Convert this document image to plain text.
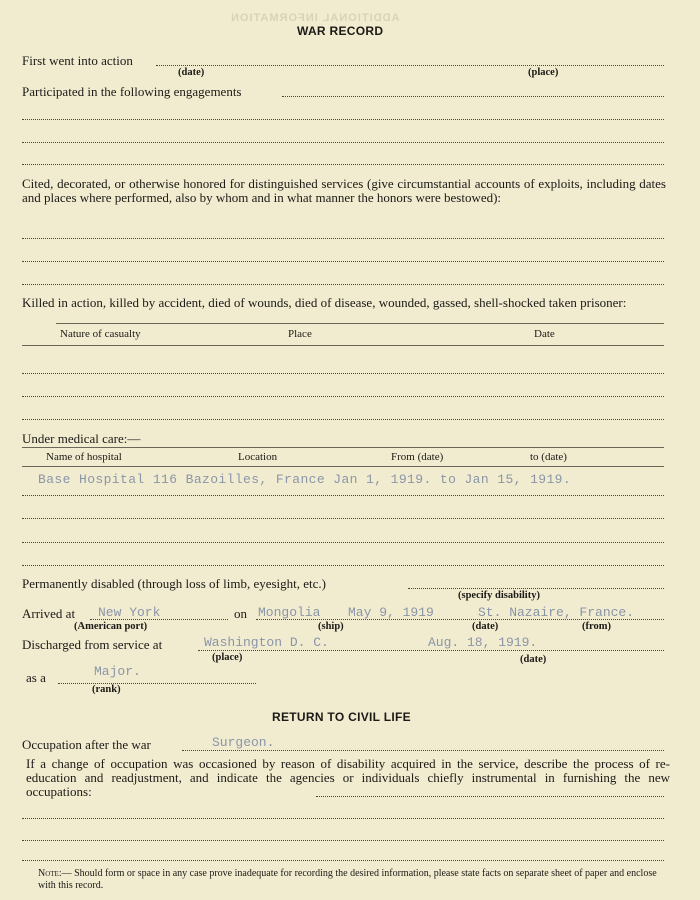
ADDITIONAL INFORMATION
WAR RECORD
First went into action
(date)	(place)
Participated in the following engagements
Cited, decorated, or otherwise honored for distinguished services (give circumstantial accounts of exploits, including dates and places where performed, also by whom and in what manner the honors were bestowed):
Killed in action, killed by accident, died of wounds, died of disease, wounded, gassed, shell-shocked taken prisoner:
Nature of casualty	Place	Date
Under medical care:—
Name of hospital	Location	From (date)	to (date)
Base Hospital 116 Bazoilles, France Jan 1, 1919. to Jan 15, 1919.
Permanently disabled (through loss of limb, eyesight, etc.)
(specify disability)
Arrived at New York	on Mongolia May 9, 1919	St. Nazaire, France.
(American port)	(ship)	(date)	(from)
Discharged from service at	Washington D. C.	Aug. 18, 1919.
(place)	(date)
as a	Major.
(rank)
RETURN TO CIVIL LIFE
Occupation after the war	Surgeon.
If a change of occupation was occasioned by reason of disability acquired in the service, describe the process of re-education and readjustment, and indicate the agencies or individuals chiefly instrumental in furnishing the new occupations:
Note:— Should form or space in any case prove inadequate for recording the desired information, please state facts on separate sheet of paper and enclose with this record.
